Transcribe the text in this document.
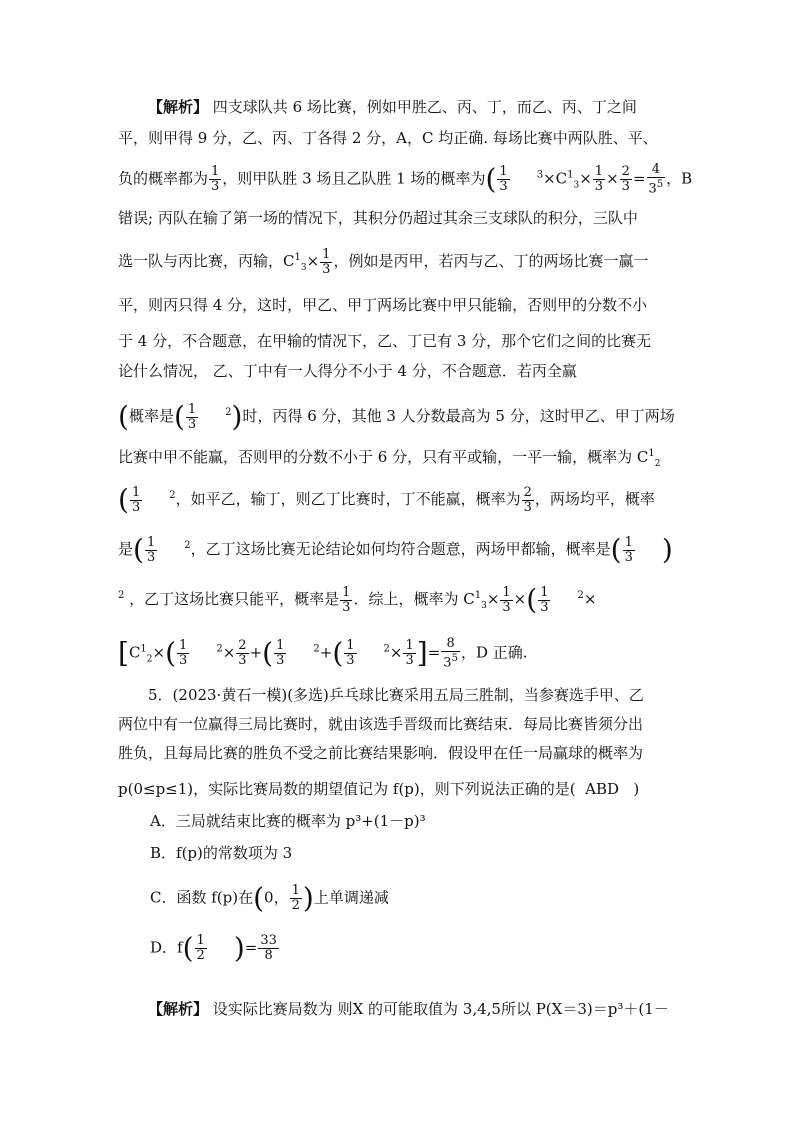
【解析】 四支球队共 6 场比赛，例如甲胜乙、丙、丁，而乙、丙、丁之间
平，则甲得 9 分，乙、丙、丁各得 2 分，A，C 均正确. 每场比赛中两队胜、平、
负的概率都为 $\frac{1}{3}$ ，则甲队胜 3 场且乙队胜 1 场的概率为( $\frac{1}{3}$	$^3\times C^1_3\times \frac{1}{3} \times \frac{2}{3} = \frac{4}{3^5}$ ，B
错误; 丙队在输了第一场的情况下，其积分仍超过其余三支球队的积分，三队中
选一队与丙比赛，丙输，$C^1_3\times \frac{1}{3}$ ，例如是丙甲，若丙与乙、丁的两场比赛一赢一
平，则丙只得 4 分，这时，甲乙、甲丁两场比赛中甲只能输，否则甲的分数不小
于 4 分，不合题意，在甲输的情况下，乙、丁已有 3 分，那个它们之间的比赛无
论什么情况， 乙、丁中有一人得分不小于 4 分，不合题意．若丙全赢
(概率是( $\frac{1}{3}$	$^2$)时，丙得 6 分，其他 3 人分数最高为 5 分，这时甲乙、甲丁两场
比赛中甲不能赢，否则甲的分数不小于 6 分，只有平或输，一平一输，概率为 $C^1_2$
( $\frac{1}{3}$	$^2$，如平乙，输丁，则乙丁比赛时，丁不能赢，概率为 $\frac{2}{3}$ ，两场均平，概率
是( $\frac{1}{3}$	$^2$，乙丁这场比赛无论结论如何均符合题意，两场甲都输，概率是( $\frac{1}{3}$ )
$^2$ ，乙丁这场比赛只能平，概率是 $\frac{1}{3}$ ．综上，概率为 $C^1_3\times \frac{1}{3}$ ×( $\frac{1}{3}$	$^2$×
[$C^1_2\times( \frac{1}{3}$	$^2\times \frac{2}{3}$ +( $\frac{1}{3}$	$^2+( \frac{1}{3}$	$^2\times \frac{1}{3}$ ]= $\frac{8}{3^5}$ ，D 正确.
5．(2023·黄石一模)(多选)乒乓球比赛采用五局三胜制，当参赛选手甲、乙
两位中有一位赢得三局比赛时，就由该选手晋级而比赛结束．每局比赛皆须分出
胜负，且每局比赛的胜负不受之前比赛结果影响．假设甲在任一局赢球的概率为
p(0≤p≤1)，实际比赛局数的期望值记为 f(p)，则下列说法正确的是( ABD )
A．三局就结束比赛的概率为 p³+(1－p)³
B．f(p)的常数项为 3
C．函数 f(p)在(0， $\frac{1}{2}$ )上单调递减
D．$f( \frac{1}{2}$ )= $\frac{33}{8}$
【解析】 设实际比赛局数为 则X 的可能取值为 3,4,5所以 P(X＝3)＝p³＋(1－
